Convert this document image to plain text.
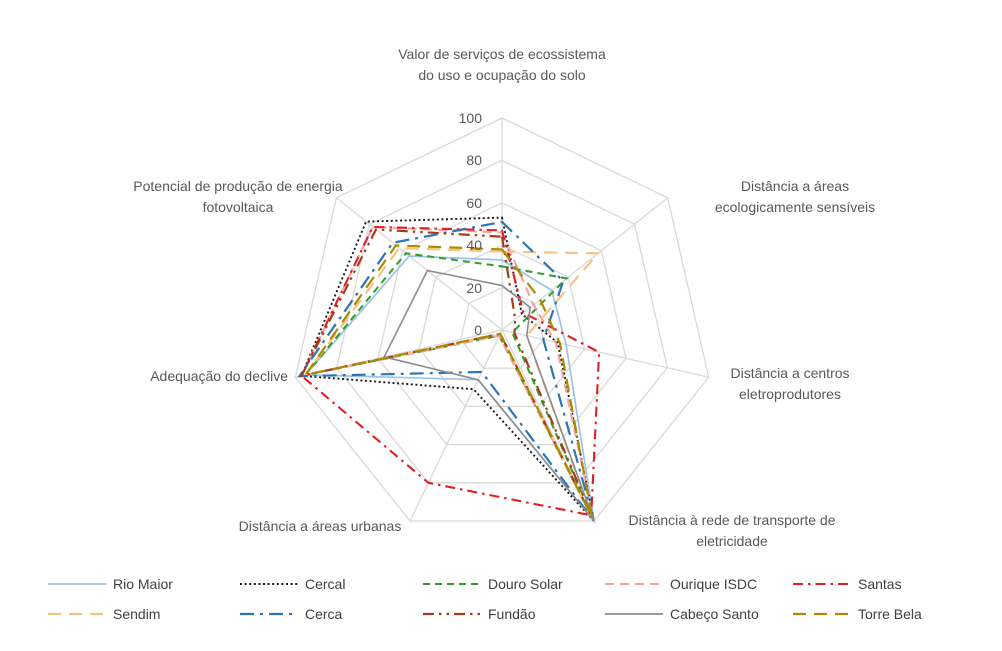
Valor de serviços de ecossistema do uso e ocupação do solo
Distância a áreas ecologicamente sensíveis
Distância a centros eletroprodutores
Distância à rede de transporte de eletricidade
Distância a áreas urbanas
Adequação do declive
Potencial de produção de energia fotovoltaica
100
80
60
40
20
0
Rio Maior	Cercal	Douro Solar	Ourique ISDC	Santas
Sendim	Cerca	Fundão	Cabeço Santo	Torre Bela
